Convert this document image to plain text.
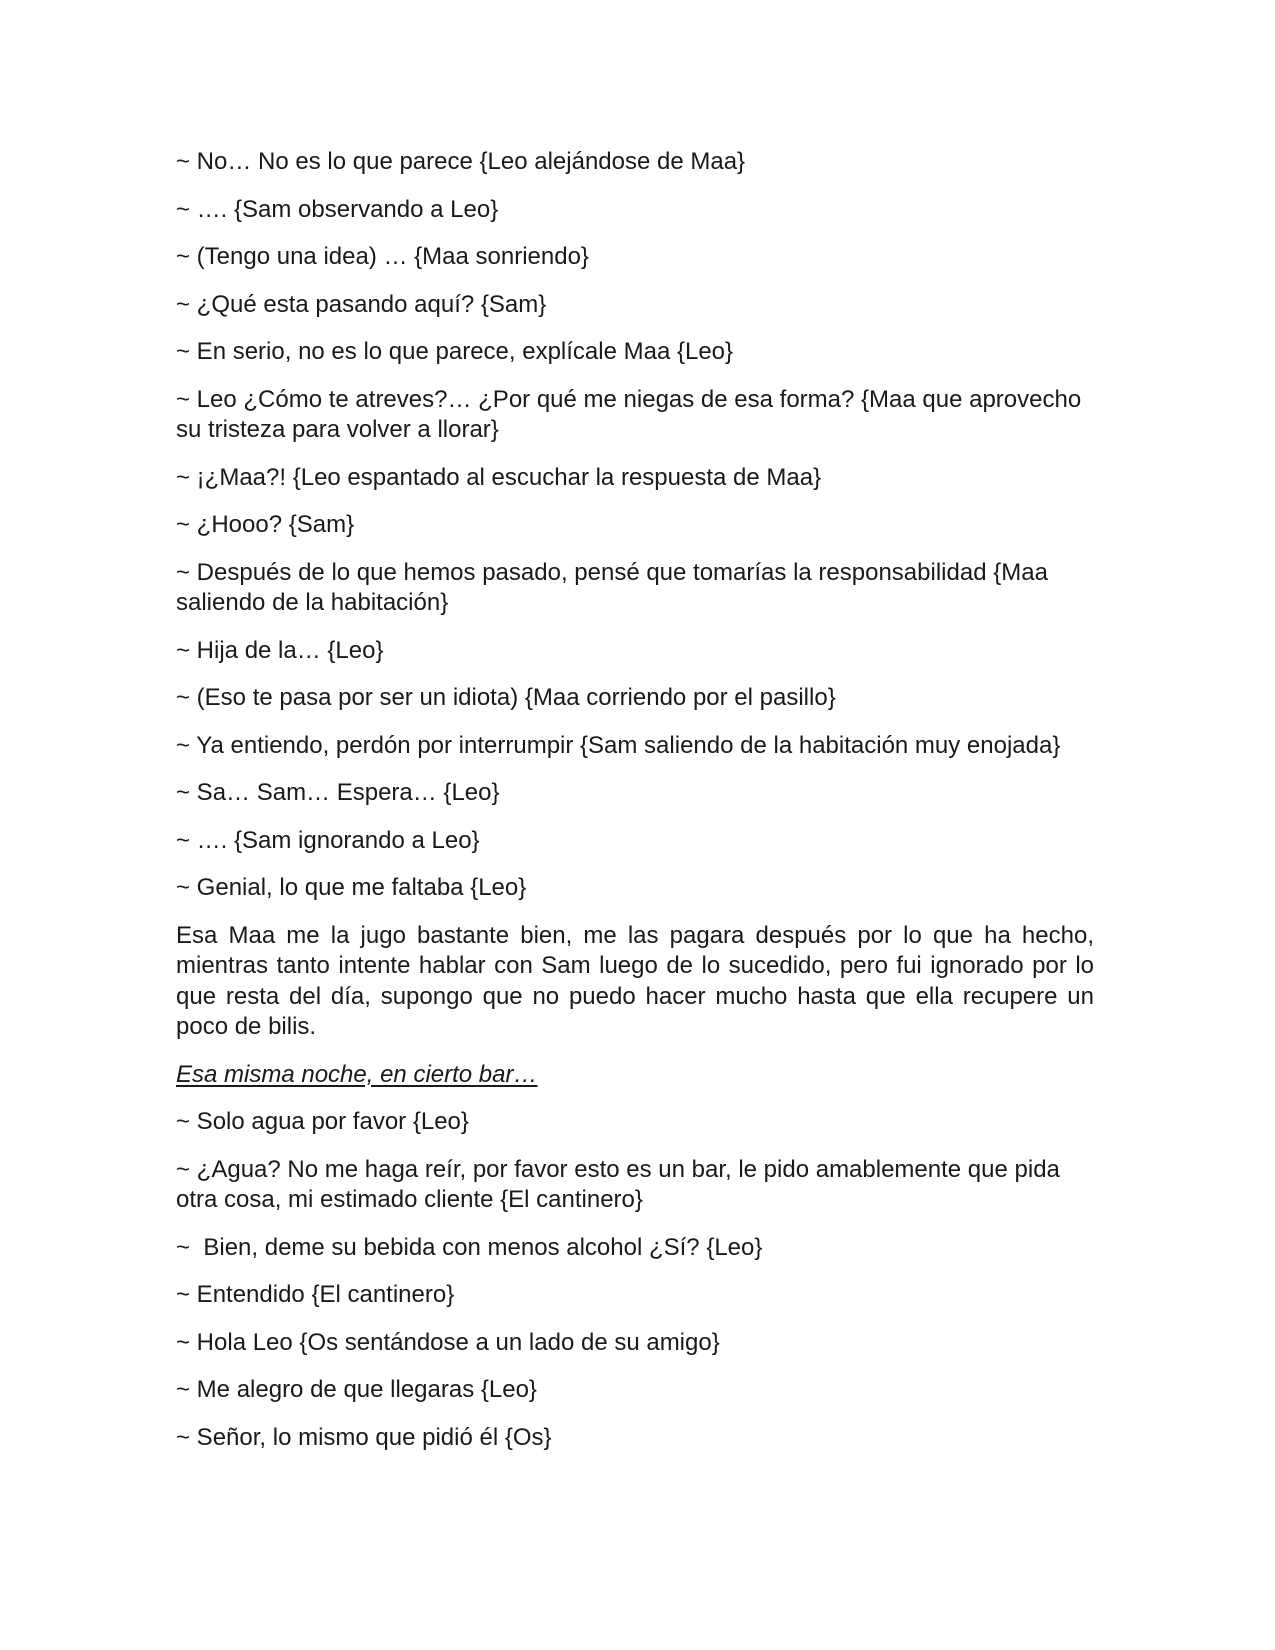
~ No… No es lo que parece {Leo alejándose de Maa}

~ …. {Sam observando a Leo}

~ (Tengo una idea) … {Maa sonriendo}

~ ¿Qué esta pasando aquí? {Sam}

~ En serio, no es lo que parece, explícale Maa {Leo}

~ Leo ¿Cómo te atreves?… ¿Por qué me niegas de esa forma? {Maa que aprovecho su tristeza para volver a llorar}

~ ¡¿Maa?! {Leo espantado al escuchar la respuesta de Maa}

~ ¿Hooo? {Sam}

~ Después de lo que hemos pasado, pensé que tomarías la responsabilidad {Maa saliendo de la habitación}

~ Hija de la… {Leo}

~ (Eso te pasa por ser un idiota) {Maa corriendo por el pasillo}

~ Ya entiendo, perdón por interrumpir {Sam saliendo de la habitación muy enojada}

~ Sa… Sam… Espera… {Leo}

~ …. {Sam ignorando a Leo}

~ Genial, lo que me faltaba {Leo}

Esa Maa me la jugo bastante bien, me las pagara después por lo que ha hecho, mientras tanto intente hablar con Sam luego de lo sucedido, pero fui ignorado por lo que resta del día, supongo que no puedo hacer mucho hasta que ella recupere un poco de bilis.

Esa misma noche, en cierto bar…

~ Solo agua por favor {Leo}

~ ¿Agua? No me haga reír, por favor esto es un bar, le pido amablemente que pida otra cosa, mi estimado cliente {El cantinero}

~  Bien, deme su bebida con menos alcohol ¿Sí? {Leo}

~ Entendido {El cantinero}

~ Hola Leo {Os sentándose a un lado de su amigo}

~ Me alegro de que llegaras {Leo}

~ Señor, lo mismo que pidió él {Os}
